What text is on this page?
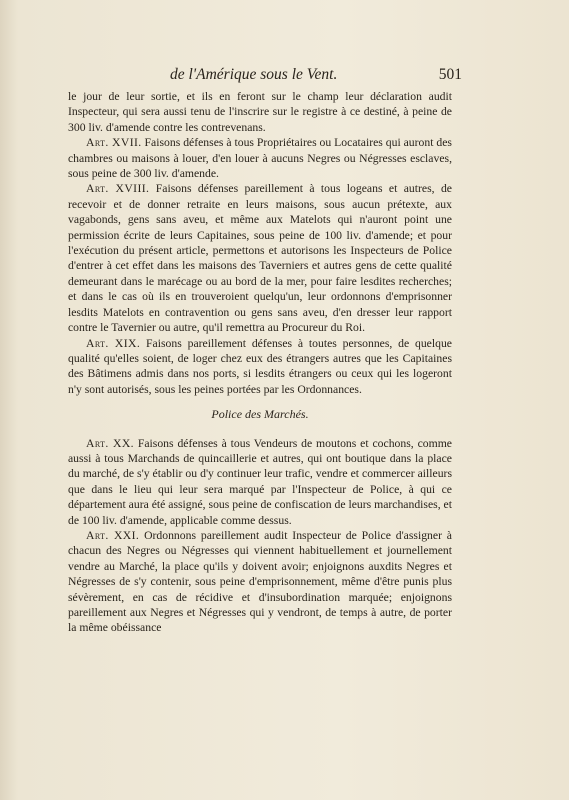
de l'Amérique sous le Vent.	501

le jour de leur sortie, et ils en feront sur le champ leur déclaration audit Inspecteur, qui sera aussi tenu de l'inscrire sur le registre à ce destiné, à peine de 300 liv. d'amende contre les contrevenans.

Art. XVII. Faisons défenses à tous Propriétaires ou Locataires qui auront des chambres ou maisons à louer, d'en louer à aucuns Negres ou Négresses esclaves, sous peine de 300 liv. d'amende.

Art. XVIII. Faisons défenses pareillement à tous logeans et autres, de recevoir et de donner retraite en leurs maisons, sous aucun prétexte, aux vagabonds, gens sans aveu, et même aux Matelots qui n'auront point une permission écrite de leurs Capitaines, sous peine de 100 liv. d'amende; et pour l'exécution du présent article, permettons et autorisons les Inspecteurs de Police d'entrer à cet effet dans les maisons des Taverniers et autres gens de cette qualité demeurant dans le marécage ou au bord de la mer, pour faire lesdites recherches; et dans le cas où ils en trouveroient quelqu'un, leur ordonnons d'emprisonner lesdits Matelots en contravention ou gens sans aveu, d'en dresser leur rapport contre le Tavernier ou autre, qu'il remettra au Procureur du Roi.

Art. XIX. Faisons pareillement défenses à toutes personnes, de quelque qualité qu'elles soient, de loger chez eux des étrangers autres que les Capitaines des Bâtimens admis dans nos ports, si lesdits étrangers ou ceux qui les logeront n'y sont autorisés, sous les peines portées par les Ordonnances.

Police des Marchés.

Art. XX. Faisons défenses à tous Vendeurs de moutons et cochons, comme aussi à tous Marchands de quincaillerie et autres, qui ont boutique dans la place du marché, de s'y établir ou d'y continuer leur trafic, vendre et commercer ailleurs que dans le lieu qui leur sera marqué par l'Inspecteur de Police, à qui ce département aura été assigné, sous peine de confiscation de leurs marchandises, et de 100 liv. d'amende, applicable comme dessus.

Art. XXI. Ordonnons pareillement audit Inspecteur de Police d'assigner à chacun des Negres ou Négresses qui viennent habituellement et journellement vendre au Marché, la place qu'ils y doivent avoir; enjoignons auxdits Negres et Négresses de s'y contenir, sous peine d'emprisonnement, même d'être punis plus sévèrement, en cas de récidive et d'insubordination marquée; enjoignons pareillement aux Negres et Négresses qui y vendront, de temps à autre, de porter la même obéissance
